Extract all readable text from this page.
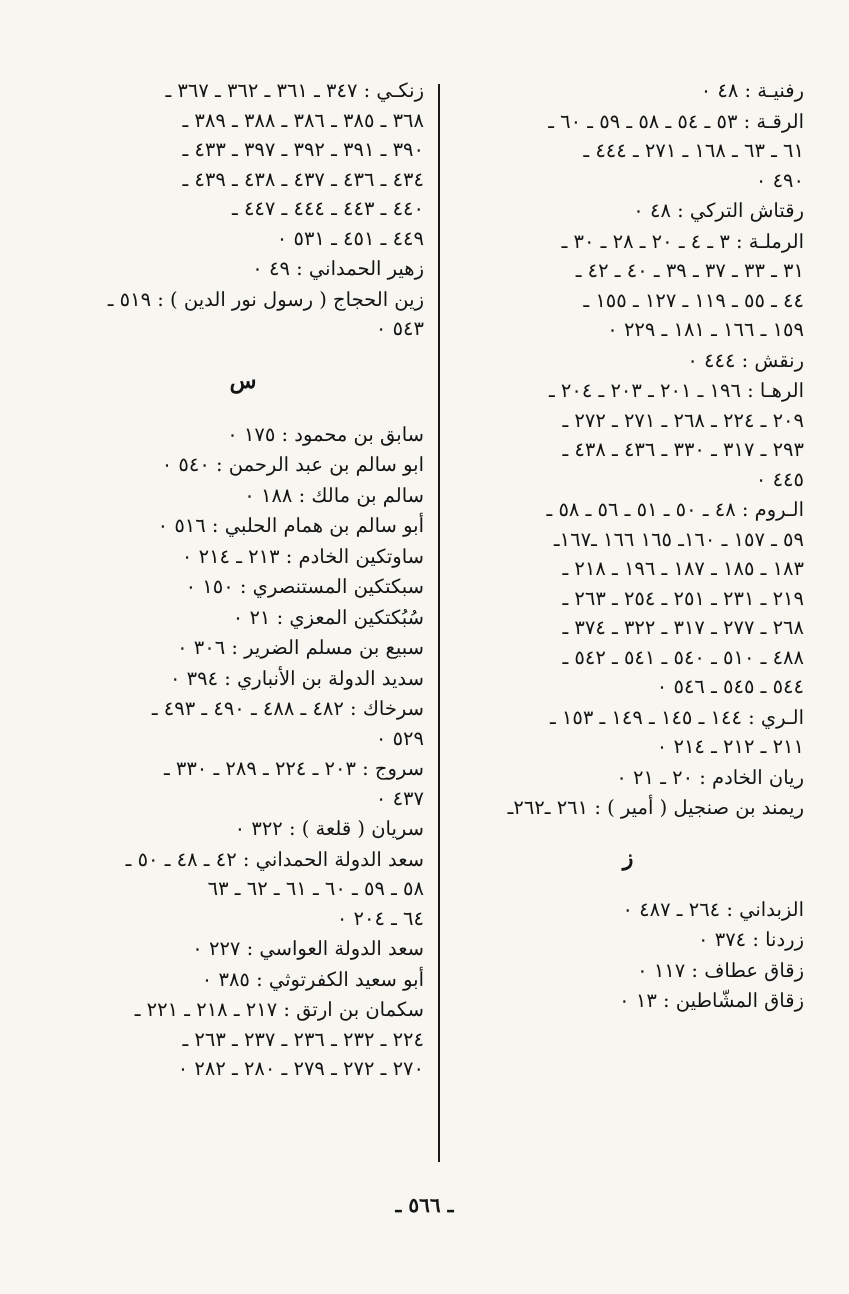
رفنيـة : ٤٨ ٠
الرقـة : ٥٣ ـ ٥٤ ـ ٥٨ ـ ٥٩ ـ ٦٠ ـ
٦١ ـ ٦٣ ـ ١٦٨ ـ ٢٧١ ـ ٤٤٤ ـ
٤٩٠ ٠
رقتاش التركي : ٤٨ ٠
الرملـة : ٣ ـ ٤ ـ ٢٠ ـ ٢٨ ـ ٣٠ ـ
٣١ ـ ٣٣ ـ ٣٧ ـ ٣٩ ـ ٤٠ ـ ٤٢ ـ
٤٤ ـ ٥٥ ـ ١١٩ ـ ١٢٧ ـ ١٥٥ ـ
١٥٩ ـ ١٦٦ ـ ١٨١ ـ ٢٢٩ ٠
رنقش : ٤٤٤ ٠
الرهـا : ١٩٦ ـ ٢٠١ ـ ٢٠٣ ـ ٢٠٤ ـ
٢٠٩ ـ ٢٢٤ ـ ٢٦٨ ـ ٢٧١ ـ ٢٧٢ ـ
٢٩٣ ـ ٣١٧ ـ ٣٣٠ ـ ٤٣٦ ـ ٤٣٨ ـ
٤٤٥ ٠
الـروم : ٤٨ ـ ٥٠ ـ ٥١ ـ ٥٦ ـ ٥٨ ـ
٥٩ ـ ١٥٧ ـ ١٦٠ـ ١٦٥ ١٦٦ ـ١٦٧ـ
١٨٣ ـ ١٨٥ ـ ١٨٧ ـ ١٩٦ ـ ٢١٨ ـ
٢١٩ ـ ٢٣١ ـ ٢٥١ ـ ٢٥٤ ـ ٢٦٣ ـ
٢٦٨ ـ ٢٧٧ ـ ٣١٧ ـ ٣٢٢ ـ ٣٧٤ ـ
٤٨٨ ـ ٥١٠ ـ ٥٤٠ ـ ٥٤١ ـ ٥٤٢ ـ
٥٤٤ ـ ٥٤٥ ـ ٥٤٦ ٠
الـري : ١٤٤ ـ ١٤٥ ـ ١٤٩ ـ ١٥٣ ـ
٢١١ ـ ٢١٢ ـ ٢١٤ ٠
ريان الخادم : ٢٠ ـ ٢١ ٠
ريمند بن صنجيل ( أمير ) : ٢٦١ ـ٢٦٢ـ
ز
الزبداني : ٢٦٤ ـ ٤٨٧ ٠
زردنا : ٣٧٤ ٠
زقاق عطاف : ١١٧ ٠
زقاق المشّاطين : ١٣ ٠
زنكـي : ٣٤٧ ـ ٣٦١ ـ ٣٦٢ ـ ٣٦٧ ـ
٣٦٨ ـ ٣٨٥ ـ ٣٨٦ ـ ٣٨٨ ـ ٣٨٩ ـ
٣٩٠ ـ ٣٩١ ـ ٣٩٢ ـ ٣٩٧ ـ ٤٣٣ ـ
٤٣٤ ـ ٤٣٦ ـ ٤٣٧ ـ ٤٣٨ ـ ٤٣٩ ـ
٤٤٠ ـ ٤٤٣ ـ ٤٤٤ ـ ٤٤٧ ـ
٤٤٩ ـ ٤٥١ ـ ٥٣١ ٠
زهير الحمداني : ٤٩ ٠
زين الحجاج ( رسول نور الدين ) : ٥١٩ ـ
٥٤٣ ٠
س
سابق بن محمود : ١٧٥ ٠
ابو سالم بن عبد الرحمن : ٥٤٠ ٠
سالم بن مالك : ١٨٨ ٠
أبو سالم بن همام الحلبي : ٥١٦ ٠
ساوتكين الخادم : ٢١٣ ـ ٢١٤ ٠
سبكتكين المستنصري : ١٥٠ ٠
سُبُكتكين المعزي : ٢١ ٠
سبيع بن مسلم الضرير : ٣٠٦ ٠
سديد الدولة بن الأنباري : ٣٩٤ ٠
سرخاك : ٤٨٢ ـ ٤٨٨ ـ ٤٩٠ ـ ٤٩٣ ـ
٥٢٩ ٠
سروج : ٢٠٣ ـ ٢٢٤ ـ ٢٨٩ ـ ٣٣٠ ـ
٤٣٧ ٠
سريان ( قلعة ) : ٣٢٢ ٠
سعد الدولة الحمداني : ٤٢ ـ ٤٨ ـ ٥٠ ـ
٥٨ ـ ٥٩ ـ ٦٠ ـ ٦١ ـ ٦٢ ـ ٦٣
٦٤ ـ ٢٠٤ ٠
سعد الدولة العواسي : ٢٢٧ ٠
أبو سعيد الكفرتوثي : ٣٨٥ ٠
سكمان بن ارتق : ٢١٧ ـ ٢١٨ ـ ٢٢١ ـ
٢٢٤ ـ ٢٣٢ ـ ٢٣٦ ـ ٢٣٧ ـ ٢٦٣ ـ
٢٧٠ ـ ٢٧٢ ـ ٢٧٩ ـ ٢٨٠ ـ ٢٨٢ ٠
ـ ٥٦٦ ـ
